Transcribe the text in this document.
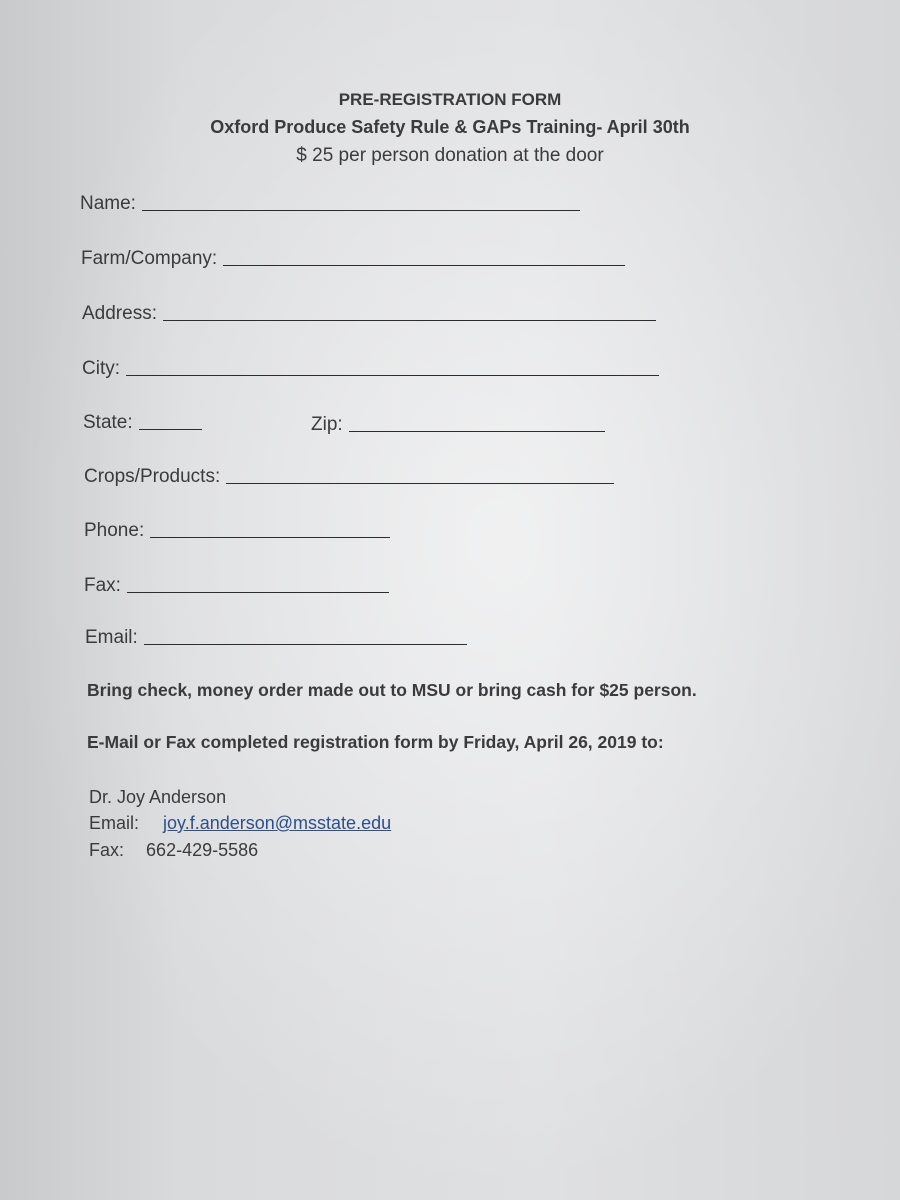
PRE-REGISTRATION FORM
Oxford Produce Safety Rule & GAPs Training- April 30th
$ 25 per person donation at the door
Name:
Farm/Company:
Address:
City:
State:	Zip:
Crops/Products:
Phone:
Fax:
Email:
Bring check, money order made out to MSU or bring cash for $25 person.
E-Mail or Fax completed registration form by Friday, April 26, 2019 to:
Dr. Joy Anderson
Email: joy.f.anderson@msstate.edu
Fax: 662-429-5586
